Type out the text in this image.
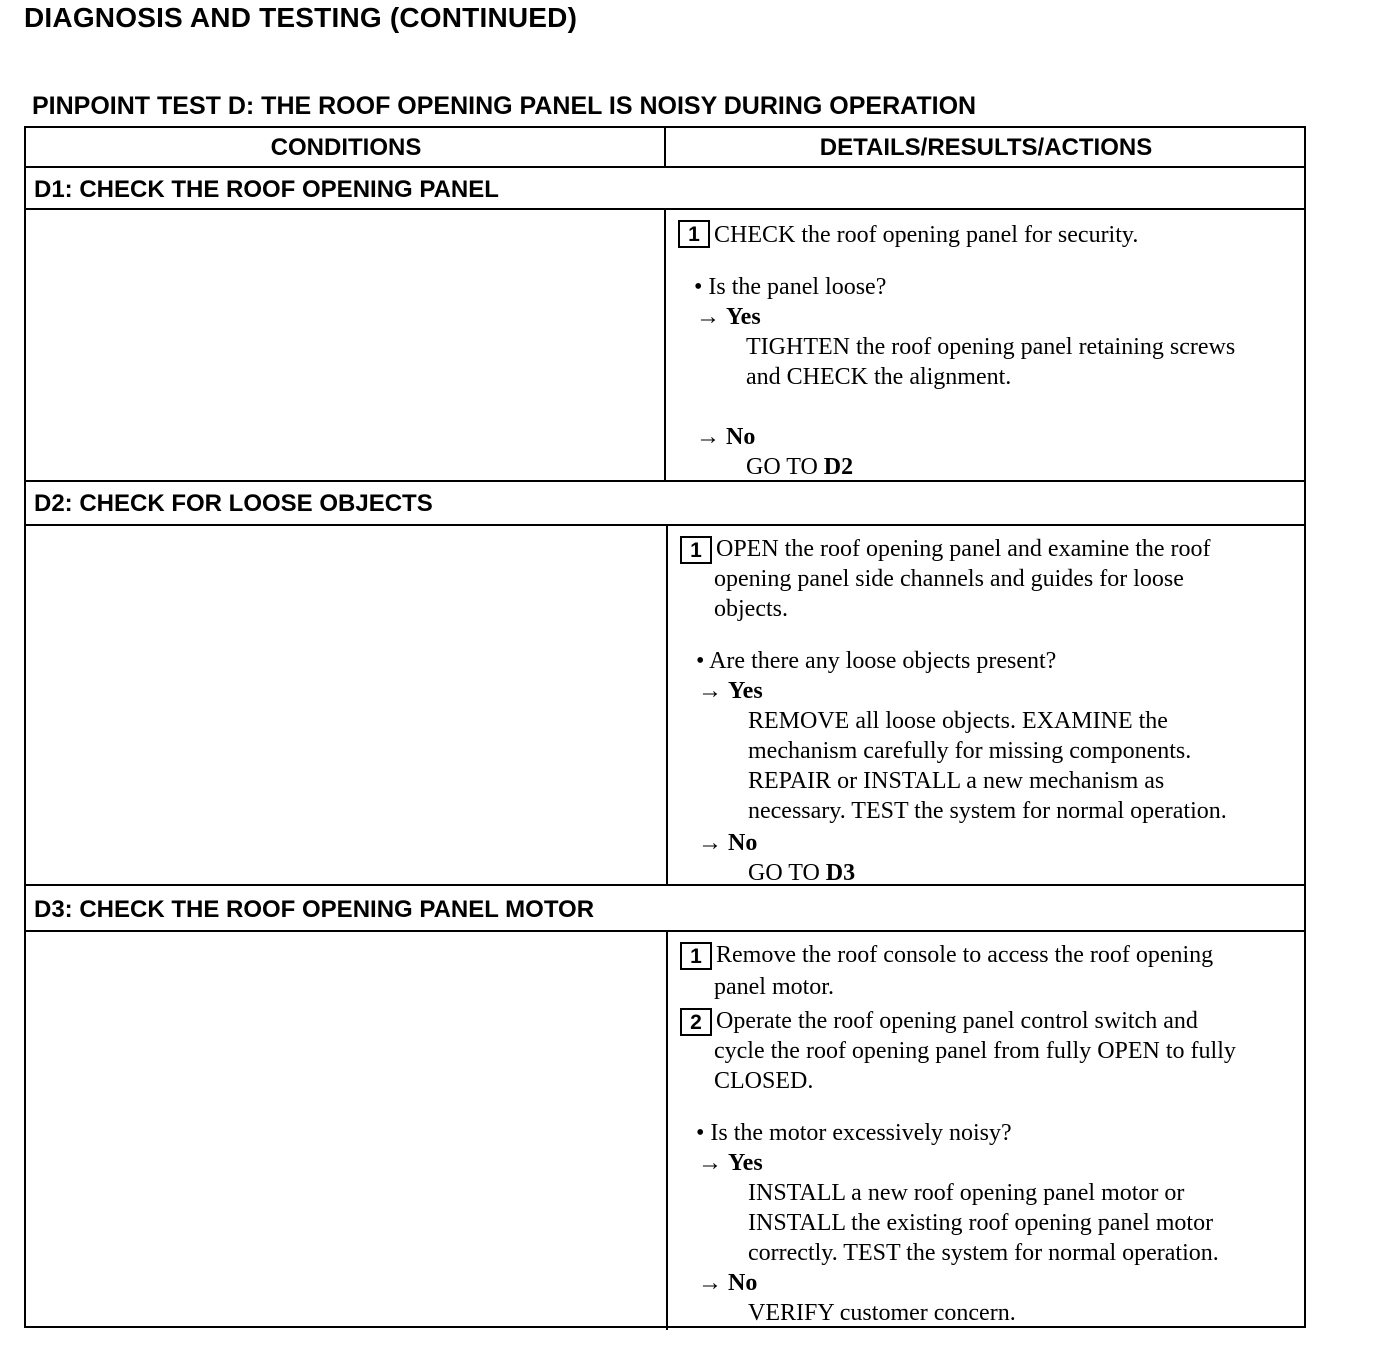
DIAGNOSIS AND TESTING (CONTINUED)
PINPOINT TEST D: THE ROOF OPENING PANEL IS NOISY DURING OPERATION
CONDITIONS	DETAILS/RESULTS/ACTIONS
D1: CHECK THE ROOF OPENING PANEL
1 CHECK the roof opening panel for security.
• Is the panel loose?
→ Yes
TIGHTEN the roof opening panel retaining screws
and CHECK the alignment.
→ No
GO TO D2
D2: CHECK FOR LOOSE OBJECTS
1 OPEN the roof opening panel and examine the roof
opening panel side channels and guides for loose
objects.
• Are there any loose objects present?
→ Yes
REMOVE all loose objects. EXAMINE the
mechanism carefully for missing components.
REPAIR or INSTALL a new mechanism as
necessary. TEST the system for normal operation.
→ No
GO TO D3
D3: CHECK THE ROOF OPENING PANEL MOTOR
1 Remove the roof console to access the roof opening
panel motor.
2 Operate the roof opening panel control switch and
cycle the roof opening panel from fully OPEN to fully
CLOSED.
• Is the motor excessively noisy?
→ Yes
INSTALL a new roof opening panel motor or
INSTALL the existing roof opening panel motor
correctly. TEST the system for normal operation.
→ No
VERIFY customer concern.
